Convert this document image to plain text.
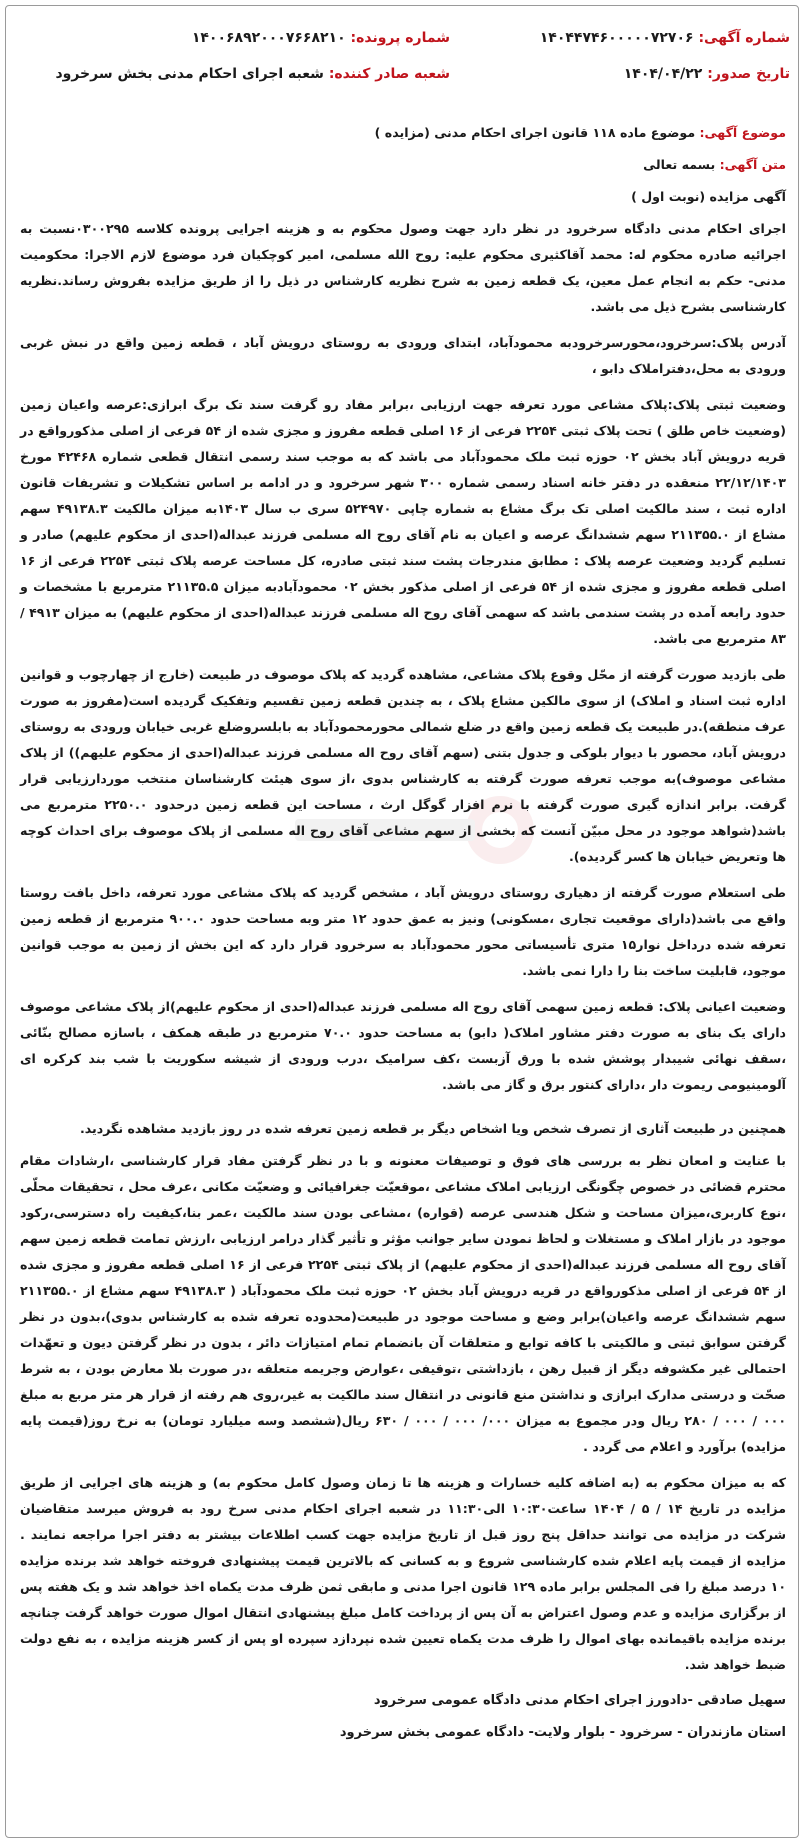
شماره آگهی: ۱۴۰۴۴۷۴۶۰۰۰۰۰۷۲۷۰۶
شماره پرونده: ۱۴۰۰۶۸۹۲۰۰۰۷۶۶۸۲۱۰
تاریخ صدور: ۱۴۰۴/۰۴/۲۲
شعبه صادر کننده: شعبه اجرای احکام مدنی بخش سرخرود

موضوع آگهی: موضوع ماده ۱۱۸ قانون اجرای احکام مدنی (مزایده )

متن آگهی: بسمه تعالی

آگهی مزایده (نوبت اول )

اجرای احکام مدنی دادگاه سرخرود در نظر دارد جهت وصول محکوم به و هزینه اجرایی پرونده کلاسه ۰۳۰۰۲۹۵نسبت به اجرائیه صادره محکوم له: محمد آقاکثیری محکوم علیه: روح الله مسلمی، امیر کوچکیان فرد موضوع لازم الاجرا: محکومیت مدنی- حکم به انجام عمل معین، یک قطعه زمین به شرح نظریه کارشناس در ذیل را از طریق مزایده بفروش رساند.نظریه کارشناسی بشرح ذیل می باشد.

آدرس پلاک:سرخرود،محورسرخرودبه محمودآباد، ابتدای ورودی به روستای درویش آباد ، قطعه زمین واقع در نبش غربی ورودی به محل،دفتراملاک دابو ،

وضعیت ثبتی پلاک:پلاک مشاعی مورد تعرفه جهت ارزیابی ،برابر مفاد رو گرفت سند تک برگ ابرازی:عرصه واعیان زمین (وضعیت خاص طلق ) تحت پلاک ثبتی ۲۲۵۴ فرعی از ۱۶ اصلی قطعه مفروز و مجزی شده از ۵۴ فرعی از اصلی مذکورواقع در قریه درویش آباد بخش ۰۲ حوزه ثبت ملک محمودآباد می باشد که به موجب سند رسمی انتقال قطعی شماره ۴۲۴۶۸ مورخ ۲۲/۱۲/۱۴۰۳ منعقده در دفتر خانه اسناد رسمی شماره ۳۰۰ شهر سرخرود و در ادامه بر اساس تشکیلات و تشریفات قانون اداره ثبت ، سند مالکیت اصلی تک برگ مشاع به شماره چاپی ۵۲۴۹۷۰ سری ب سال ۱۴۰۳به میزان مالکیت ۴۹۱۳۸.۳ سهم مشاع از ۲۱۱۳۵۵.۰ سهم ششدانگ عرصه و اعیان به نام آقای روح اله مسلمی فرزند عبداله(احدی از محکوم علیهم) صادر و تسلیم گردید وضعیت عرصه پلاک : مطابق مندرجات پشت سند ثبتی صادره، کل مساحت عرصه پلاک ثبتی ۲۲۵۴ فرعی از ۱۶ اصلی قطعه مفروز و مجزی شده از ۵۴ فرعی از اصلی مذکور بخش ۰۲ محمودآبادبه میزان ۲۱۱۳۵.۵ مترمربع با مشخصات و حدود رابعه آمده در پشت سندمی باشد که سهمی آقای روح اله مسلمی فرزند عبداله(احدی از محکوم علیهم) به میزان ۴۹۱۳ / ۸۳ مترمربع می باشد.

طی بازدید صورت گرفته از محّل وقوع پلاک مشاعی، مشاهده گردید که پلاک موصوف در طبیعت (خارج از چهارچوب و قوانین اداره ثبت اسناد و املاک) از سوی مالکین مشاع پلاک ، به چندین قطعه زمین تقسیم وتفکیک گردیده است(مفروز به صورت عرف منطقه).در طبیعت یک قطعه زمین واقع در ضلع شمالی محورمحمودآباد به بابلسروضلع غربی خیابان ورودی به روستای درویش آباد، محصور با دیوار بلوکی و جدول بتنی (سهم آقای روح اله مسلمی فرزند عبداله(احدی از محکوم علیهم)) از پلاک مشاعی موصوف)به موجب تعرفه صورت گرفته به کارشناس بدوی ،از سوی هیئت کارشناسان منتخب موردارزیابی قرار گرفت. برابر اندازه گیری صورت گرفته با نرم افزار گوگل ارث ، مساحت این قطعه زمین درحدود ۲۲۵۰.۰ مترمربع می باشد(شواهد موجود در محل مبیّن آنست که بخشی از سهم مشاعی آقای روح اله مسلمی از پلاک موصوف برای احداث کوچه ها وتعریض خیابان ها کسر گردیده).

طی استعلام صورت گرفته از دهیاری روستای درویش آباد ، مشخص گردید که پلاک مشاعی مورد تعرفه، داخل بافت روستا واقع می باشد(دارای موقعیت تجاری ،مسکونی) ونیز به عمق حدود ۱۲ متر وبه مساحت حدود ۹۰۰.۰ مترمربع از قطعه زمین تعرفه شده درداخل نوار۱۵ متری تأسیساتی محور محمودآباد به سرخرود قرار دارد که این بخش از زمین به موجب قوانین موجود، قابلیت ساخت بنا را دارا نمی باشد.

وضعیت اعیانی پلاک: قطعه زمین سهمی آقای روح اله مسلمی فرزند عبداله(احدی از محکوم علیهم)از پلاک مشاعی موصوف دارای یک بنای به صورت دفتر مشاور املاک( دابو) به مساحت حدود ۷۰.۰ مترمربع در طبقه همکف ، باسازه مصالح بنّائی ،سقف نهائی شیبدار پوشش شده با ورق آزبست ،کف سرامیک ،درب ورودی از شیشه سکوریت با شب بند کرکره ای آلومینیومی ریموت دار ،دارای کنتور برق و گاز می باشد.

همچنین در طبیعت آثاری از تصرف شخص ویا اشخاص دیگر بر قطعه زمین تعرفه شده در روز بازدید مشاهده نگردید.

با عنایت و امعان نظر به بررسی های فوق و توصیفات معنونه و با در نظر گرفتن مفاد قرار کارشناسی ،ارشادات مقام محترم قضائی در خصوص چگونگی ارزیابی املاک مشاعی ،موقعیّت جغرافیائی و وضعیّت مکانی ،عرف محل ، تحقیقات محلّی ،نوع کاربری،میزان مساحت و شکل هندسی عرصه (قواره) ،مشاعی بودن سند مالکیت ،عمر بنا،کیفیت راه دسترسی،رکود موجود در بازار املاک و مستغلات و لحاظ نمودن سایر جوانب مؤثر و تأثیر گذار درامر ارزیابی ،ارزش تمامت قطعه زمین سهم آقای روح اله مسلمی فرزند عبداله(احدی از محکوم علیهم) از پلاک ثبتی ۲۲۵۴ فرعی از ۱۶ اصلی قطعه مفروز و مجزی شده از ۵۴ فرعی از اصلی مذکورواقع در قریه درویش آباد بخش ۰۲ حوزه ثبت ملک محمودآباد ( ۴۹۱۳۸.۳ سهم مشاع از ۲۱۱۳۵۵.۰ سهم ششدانگ عرصه واعیان)برابر وضع و مساحت موجود در طبیعت(محدوده تعرفه شده به کارشناس بدوی)،بدون در نظر گرفتن سوابق ثبتی و مالکیتی با کافه توابع و متعلقات آن بانضمام تمام امتیازات دائر ، بدون در نظر گرفتن دیون و تعهّدات احتمالی غیر مکشوفه دیگر از قبیل رهن ، بازداشتی ،توقیفی ،عوارض وجریمه متعلقه ،در صورت بلا معارض بودن ، به شرط صحّت و درستی مدارک ابرازی و نداشتن منع قانونی در انتقال سند مالکیت به غیر،روی هم رفته از قرار هر متر مربع به مبلغ ۰۰۰ / ۰۰۰ / ۲۸۰ ریال ودر مجموع به میزان ۰۰۰/ ۰۰۰ / ۰۰۰ / ۶۳۰ ریال(ششصد وسه میلیارد تومان) به نرخ روز(قیمت پایه مزایده) برآورد و اعلام می گردد .

که به میزان محکوم به (به اضافه کلیه خسارات و هزینه ها تا زمان وصول کامل محکوم به) و هزینه های اجرایی از طریق مزایده در تاریخ ۱۴ / ۵ / ۱۴۰۴ ساعت۱۰:۳۰ الی۱۱:۳۰ در شعبه اجرای احکام مدنی سرخ رود به فروش میرسد متقاضیان شرکت در مزایده می توانند حداقل پنج روز قبل از تاریخ مزایده جهت کسب اطلاعات بیشتر به دفتر اجرا مراجعه نمایند . مزایده از قیمت پایه اعلام شده کارشناسی شروع و به کسانی که بالاترین قیمت پیشنهادی فروخته خواهد شد برنده مزایده ۱۰ درصد مبلغ را فی المجلس برابر ماده ۱۲۹ قانون اجرا مدنی و مابقی ثمن ظرف مدت یکماه اخذ خواهد شد و یک هفته پس از برگزاری مزایده و عدم وصول اعتراض به آن پس از پرداخت کامل مبلغ پیشنهادی انتقال اموال صورت خواهد گرفت چنانچه برنده مزایده باقیمانده بهای اموال را ظرف مدت یکماه تعیین شده نپردازد سپرده او پس از کسر هزینه مزایده ، به نفع دولت ضبط خواهد شد.

سهیل صادقی -دادورز اجرای احکام مدنی دادگاه عمومی سرخرود

استان مازندران - سرخرود - بلوار ولایت- دادگاه عمومی بخش سرخرود
